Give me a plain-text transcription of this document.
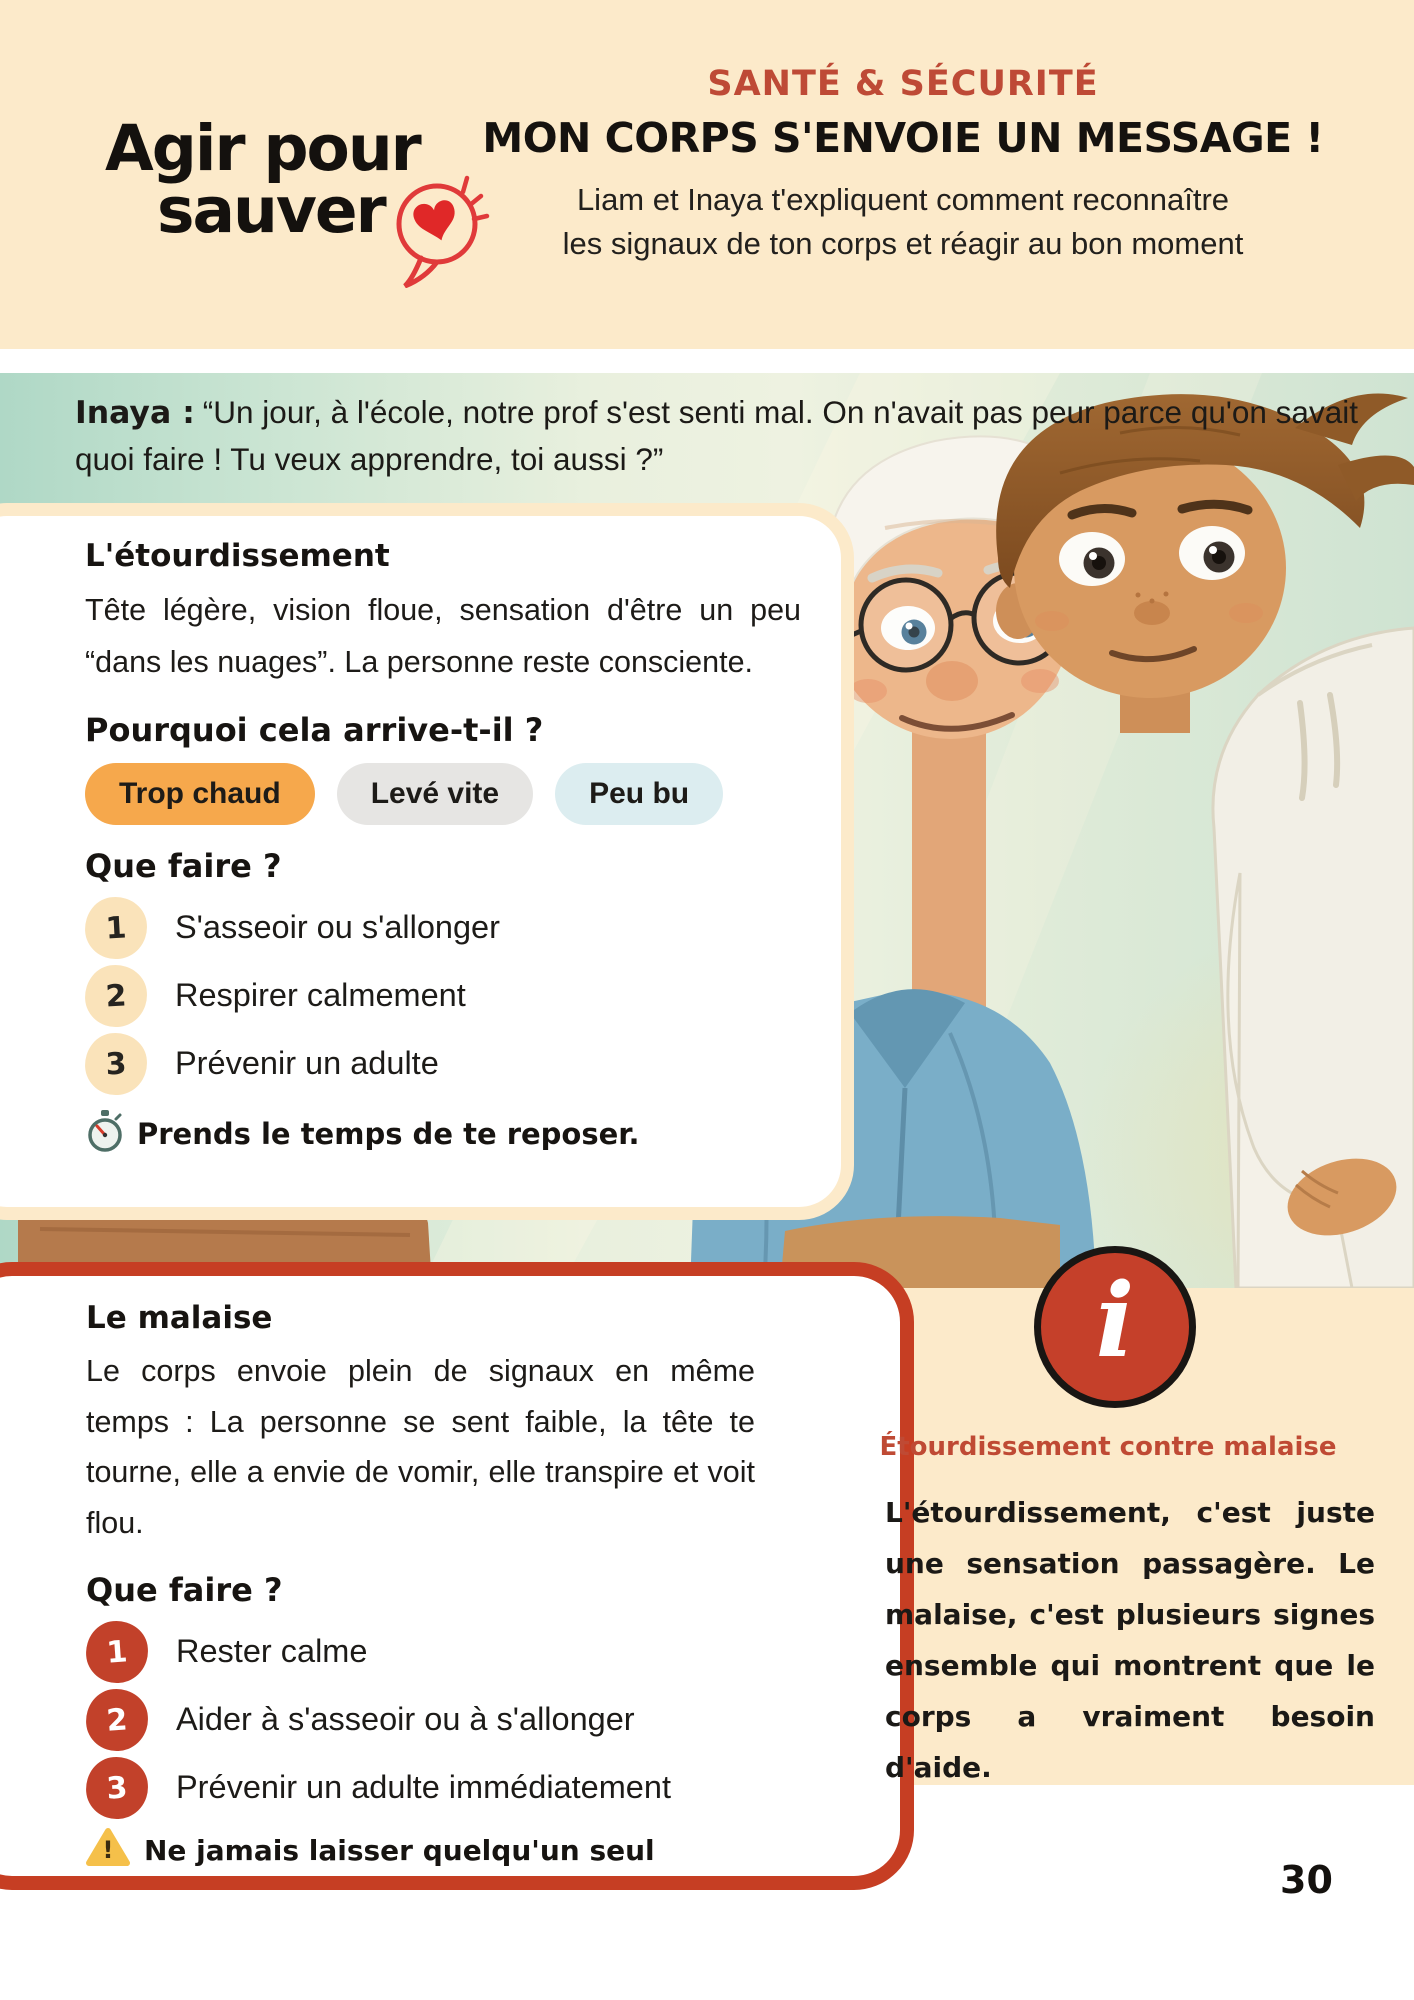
Agir pour
sauver
SANTÉ & SÉCURITÉ
MON CORPS S'ENVOIE UN MESSAGE !

Liam et Inaya t'expliquent comment reconnaître les signaux de ton corps et réagir au bon moment

Inaya : “Un jour, à l'école, notre prof s'est senti mal. On n'avait pas peur parce qu'on savait quoi faire ! Tu veux apprendre, toi aussi ?”

L'étourdissement

Tête légère, vision floue, sensation d'être un peu “dans les nuages”. La personne reste consciente.

Pourquoi cela arrive-t-il ?
Trop chaud	Levé vite	Peu bu
Que faire ?
1	S'asseoir ou s'allonger
2	Respirer calmement
3	Prévenir un adulte
Prends le temps de te reposer.
Le malaise

Le corps envoie plein de signaux en même temps : La personne se sent faible, la tête te tourne, elle a envie de vomir, elle transpire et voit flou.

Que faire ?
1	Rester calme
2	Aider à s'asseoir ou à s'allonger
3	Prévenir un adulte immédiatement
! Ne jamais laisser quelqu'un seul
i
Étourdissement contre malaise

L'étourdissement, c'est juste une sensation passagère. Le malaise, c'est plusieurs signes ensemble qui montrent que le corps a vraiment besoin d'aide.

30
